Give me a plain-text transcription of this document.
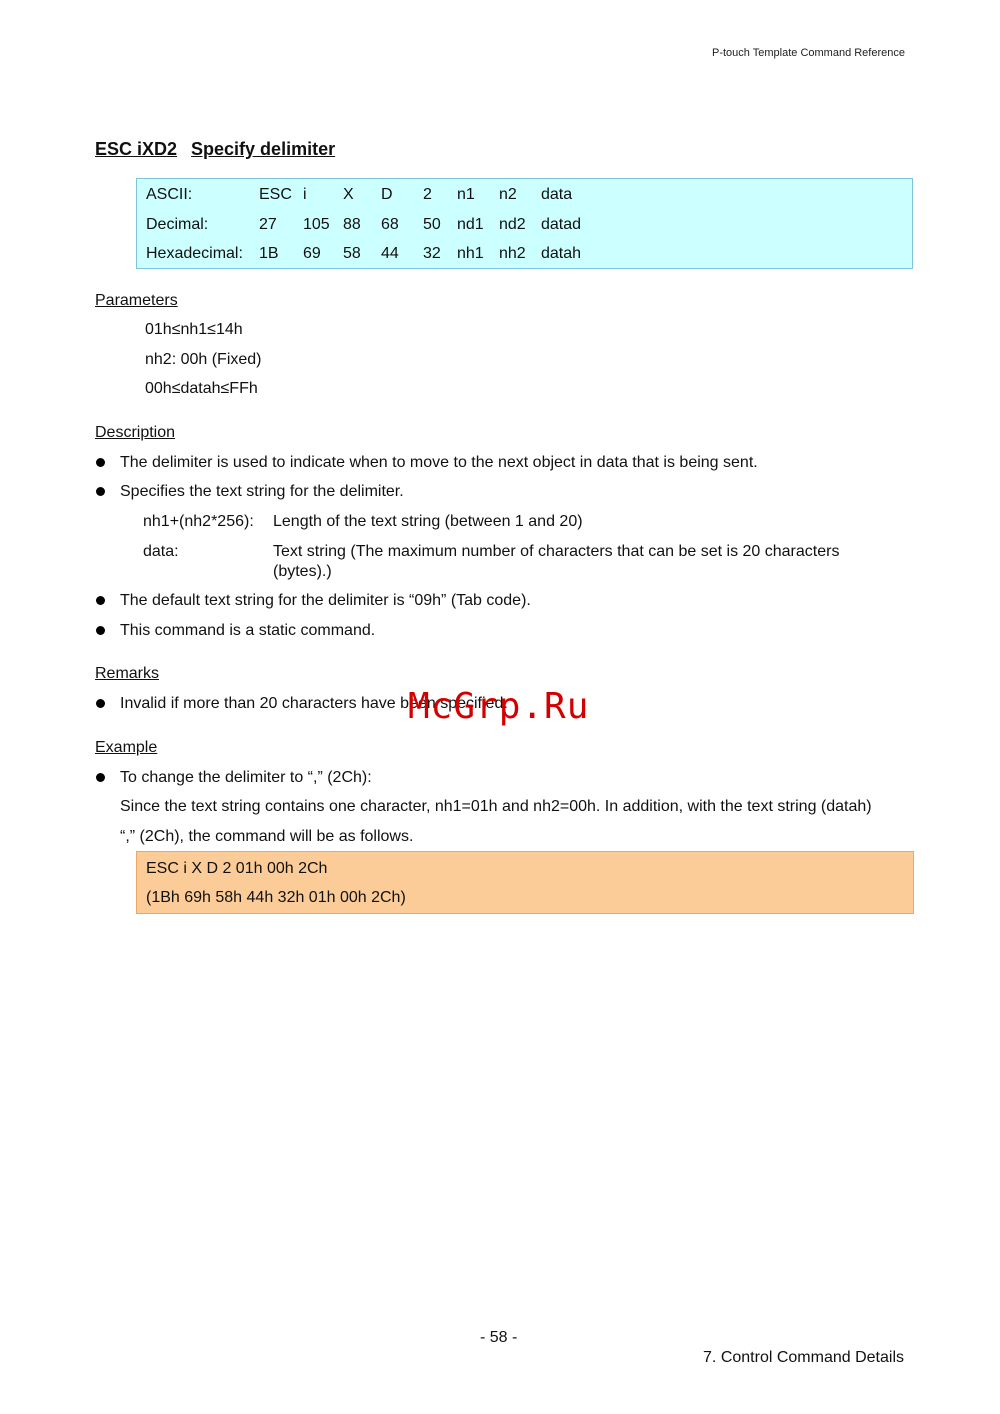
P-touch Template Command Reference
ESC iXD2 Specify delimiter
ASCII:	ESC i X D 2 n1 n2 data
Decimal:	27 105 88 68 50 nd1 nd2 datad
Hexadecimal: 1B 69 58 44 32 nh1 nh2 datah
Parameters
01h≤nh1≤14h
nh2: 00h (Fixed)
00h≤datah≤FFh
Description
The delimiter is used to indicate when to move to the next object in data that is being sent.
Specifies the text string for the delimiter.
nh1+(nh2*256): Length of the text string (between 1 and 20)
data:	Text string (The maximum number of characters that can be set is 20 characters
(bytes).)
The default text string for the delimiter is “09h” (Tab code).
This command is a static command.
Remarks
Invalid if more than 20 characters have been specified.
Example
To change the delimiter to “,” (2Ch):
Since the text string contains one character, nh1=01h and nh2=00h. In addition, with the text string (datah)
“,” (2Ch), the command will be as follows.
ESC i X D 2 01h 00h 2Ch
(1Bh 69h 58h 44h 32h 01h 00h 2Ch)
McGrp.Ru
- 58 -
7. Control Command Details
